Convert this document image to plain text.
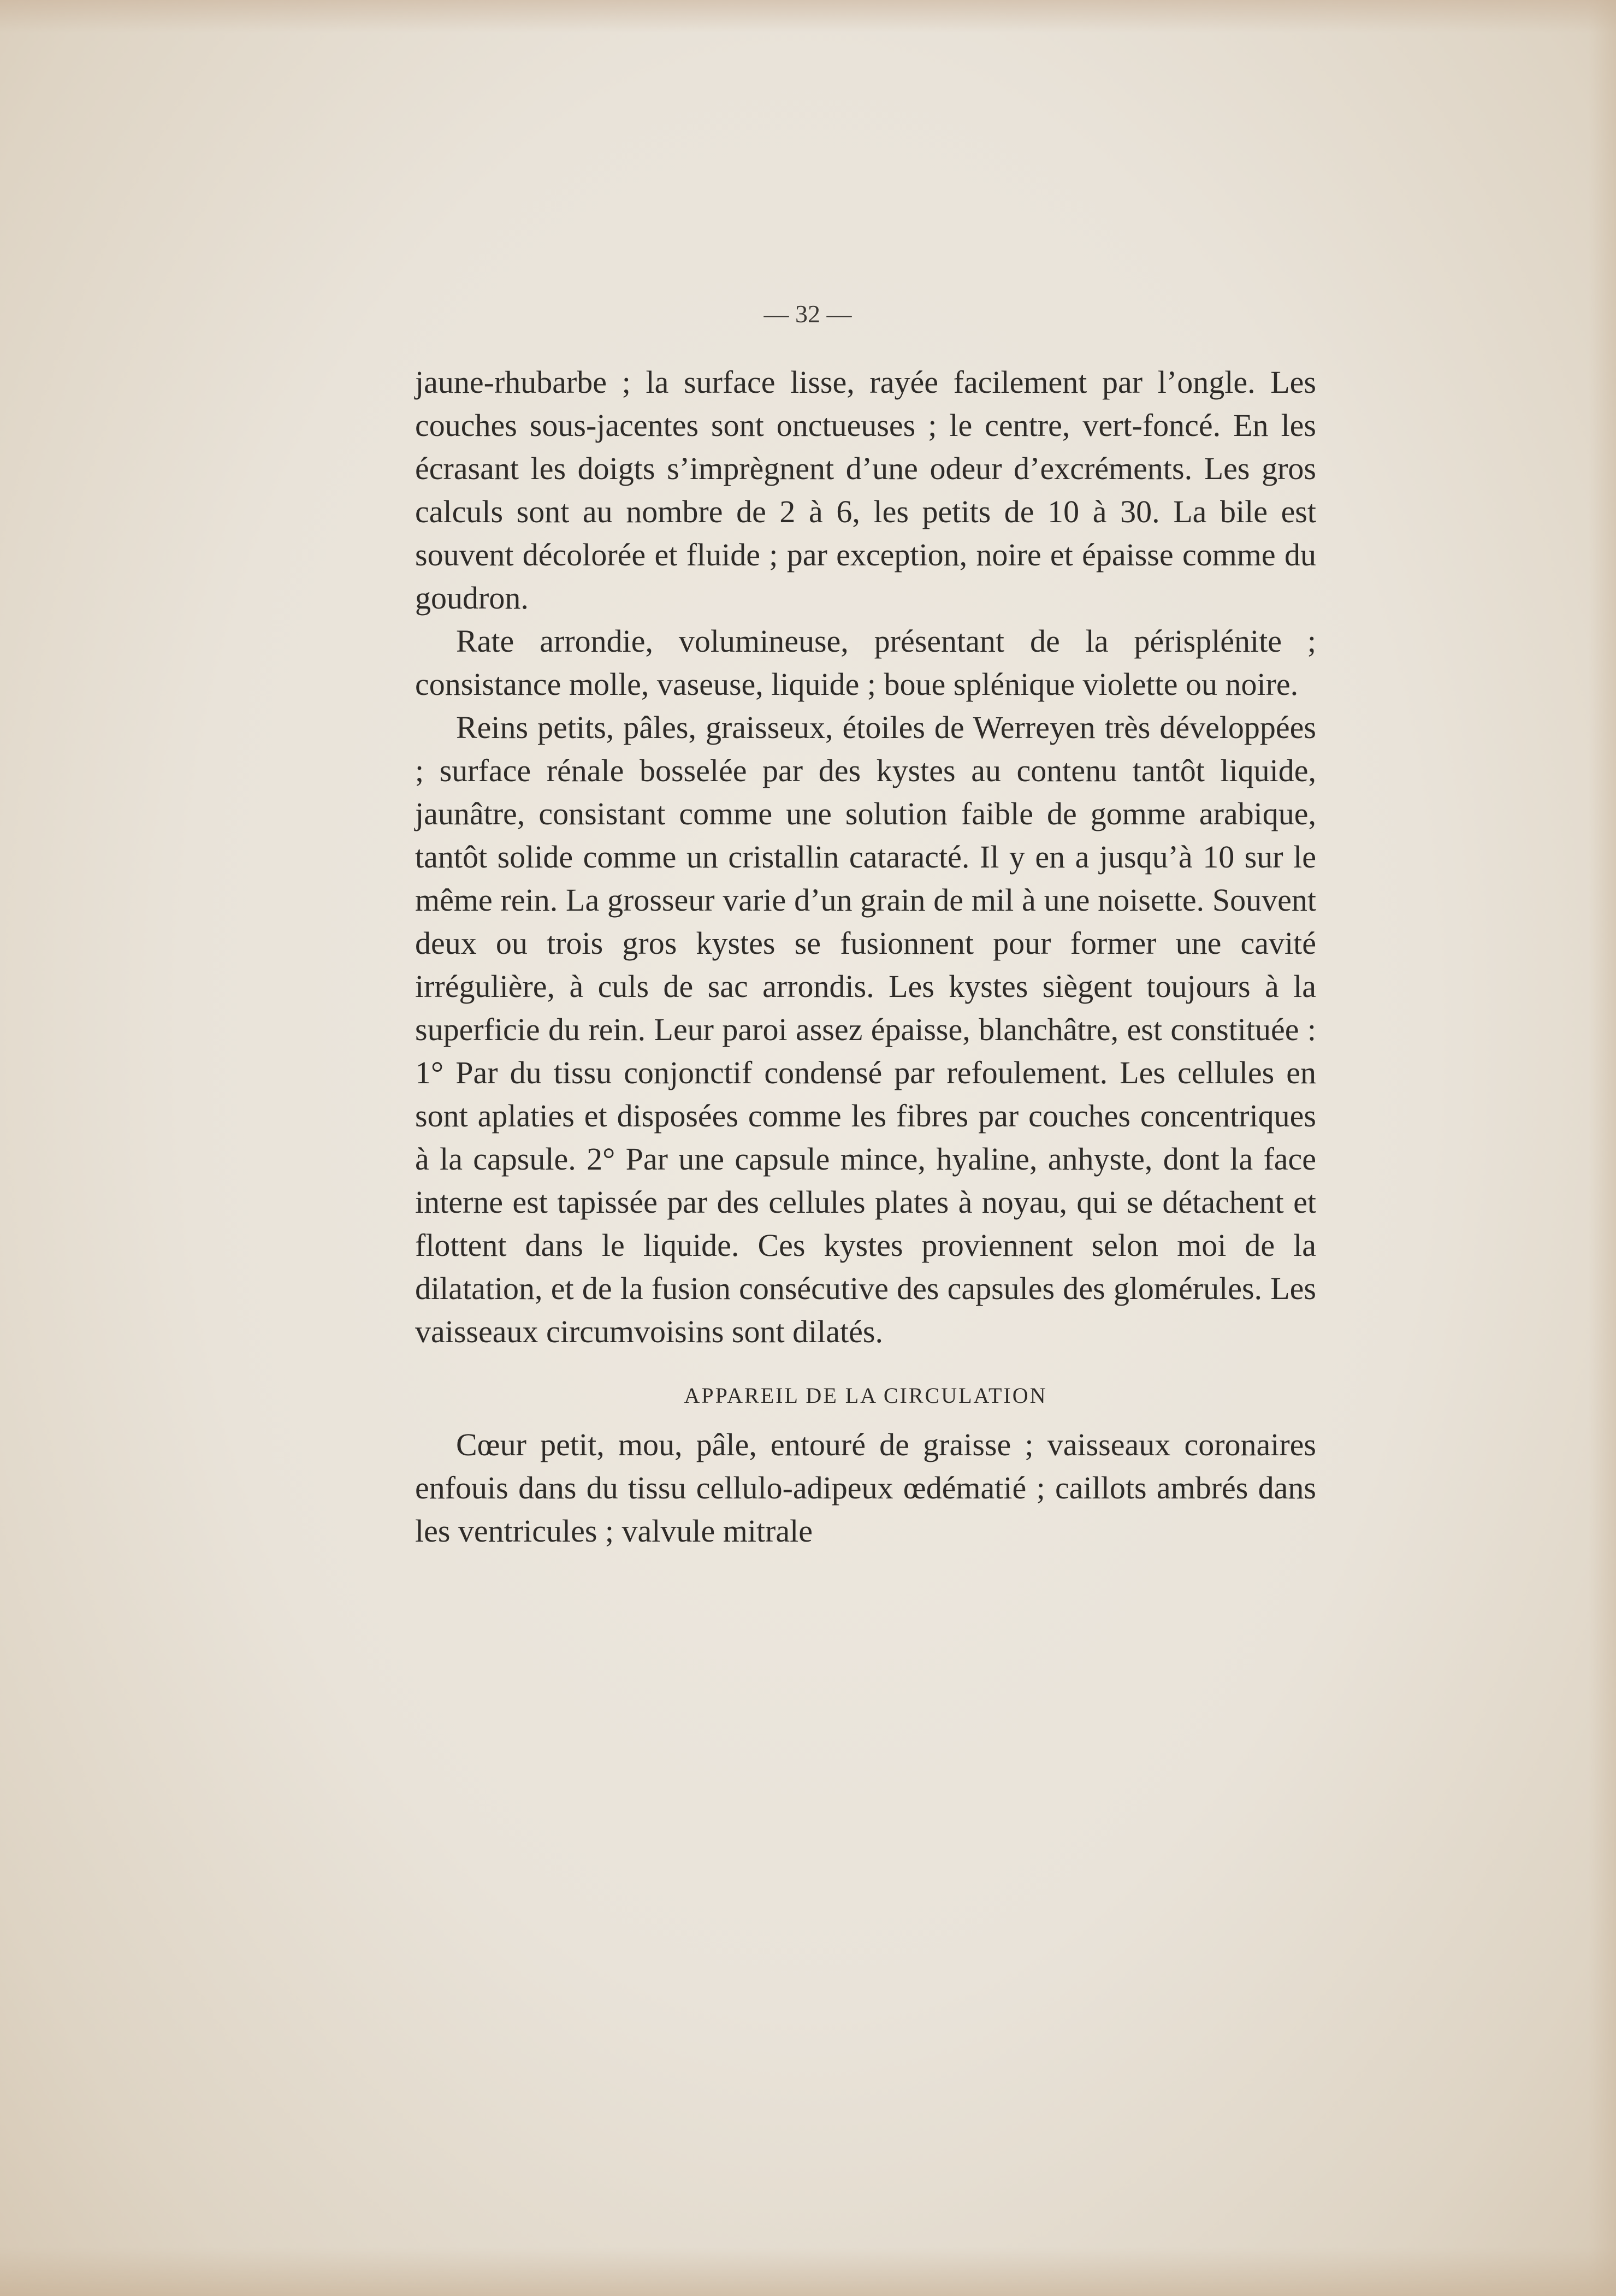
— 32 —

jaune-rhubarbe ; la surface lisse, rayée facilement par l’ongle. Les couches sous-jacentes sont onctueuses ; le centre, vert-foncé. En les écrasant les doigts s’imprègnent d’une odeur d’excréments. Les gros calculs sont au nombre de 2 à 6, les petits de 10 à 30. La bile est souvent décolorée et fluide ; par exception, noire et épaisse comme du goudron.

Rate arrondie, volumineuse, présentant de la périsplénite ; consistance molle, vaseuse, liquide ; boue splénique violette ou noire.

Reins petits, pâles, graisseux, étoiles de Werreyen très développées ; surface rénale bosselée par des kystes au contenu tantôt liquide, jaunâtre, consistant comme une solution faible de gomme arabique, tantôt solide comme un cristallin cataracté. Il y en a jusqu’à 10 sur le même rein. La grosseur varie d’un grain de mil à une noisette. Souvent deux ou trois gros kystes se fusionnent pour former une cavité irrégulière, à culs de sac arrondis. Les kystes siègent toujours à la superficie du rein. Leur paroi assez épaisse, blanchâtre, est constituée : 1° Par du tissu conjonctif condensé par refoulement. Les cellules en sont aplaties et disposées comme les fibres par couches concentriques à la capsule. 2° Par une capsule mince, hyaline, anhyste, dont la face interne est tapissée par des cellules plates à noyau, qui se détachent et flottent dans le liquide. Ces kystes proviennent selon moi de la dilatation, et de la fusion consécutive des capsules des glomérules. Les vaisseaux circumvoisins sont dilatés.

APPAREIL DE LA CIRCULATION

Cœur petit, mou, pâle, entouré de graisse ; vaisseaux coronaires enfouis dans du tissu cellulo-adipeux œdématié ; caillots ambrés dans les ventricules ; valvule mitrale
